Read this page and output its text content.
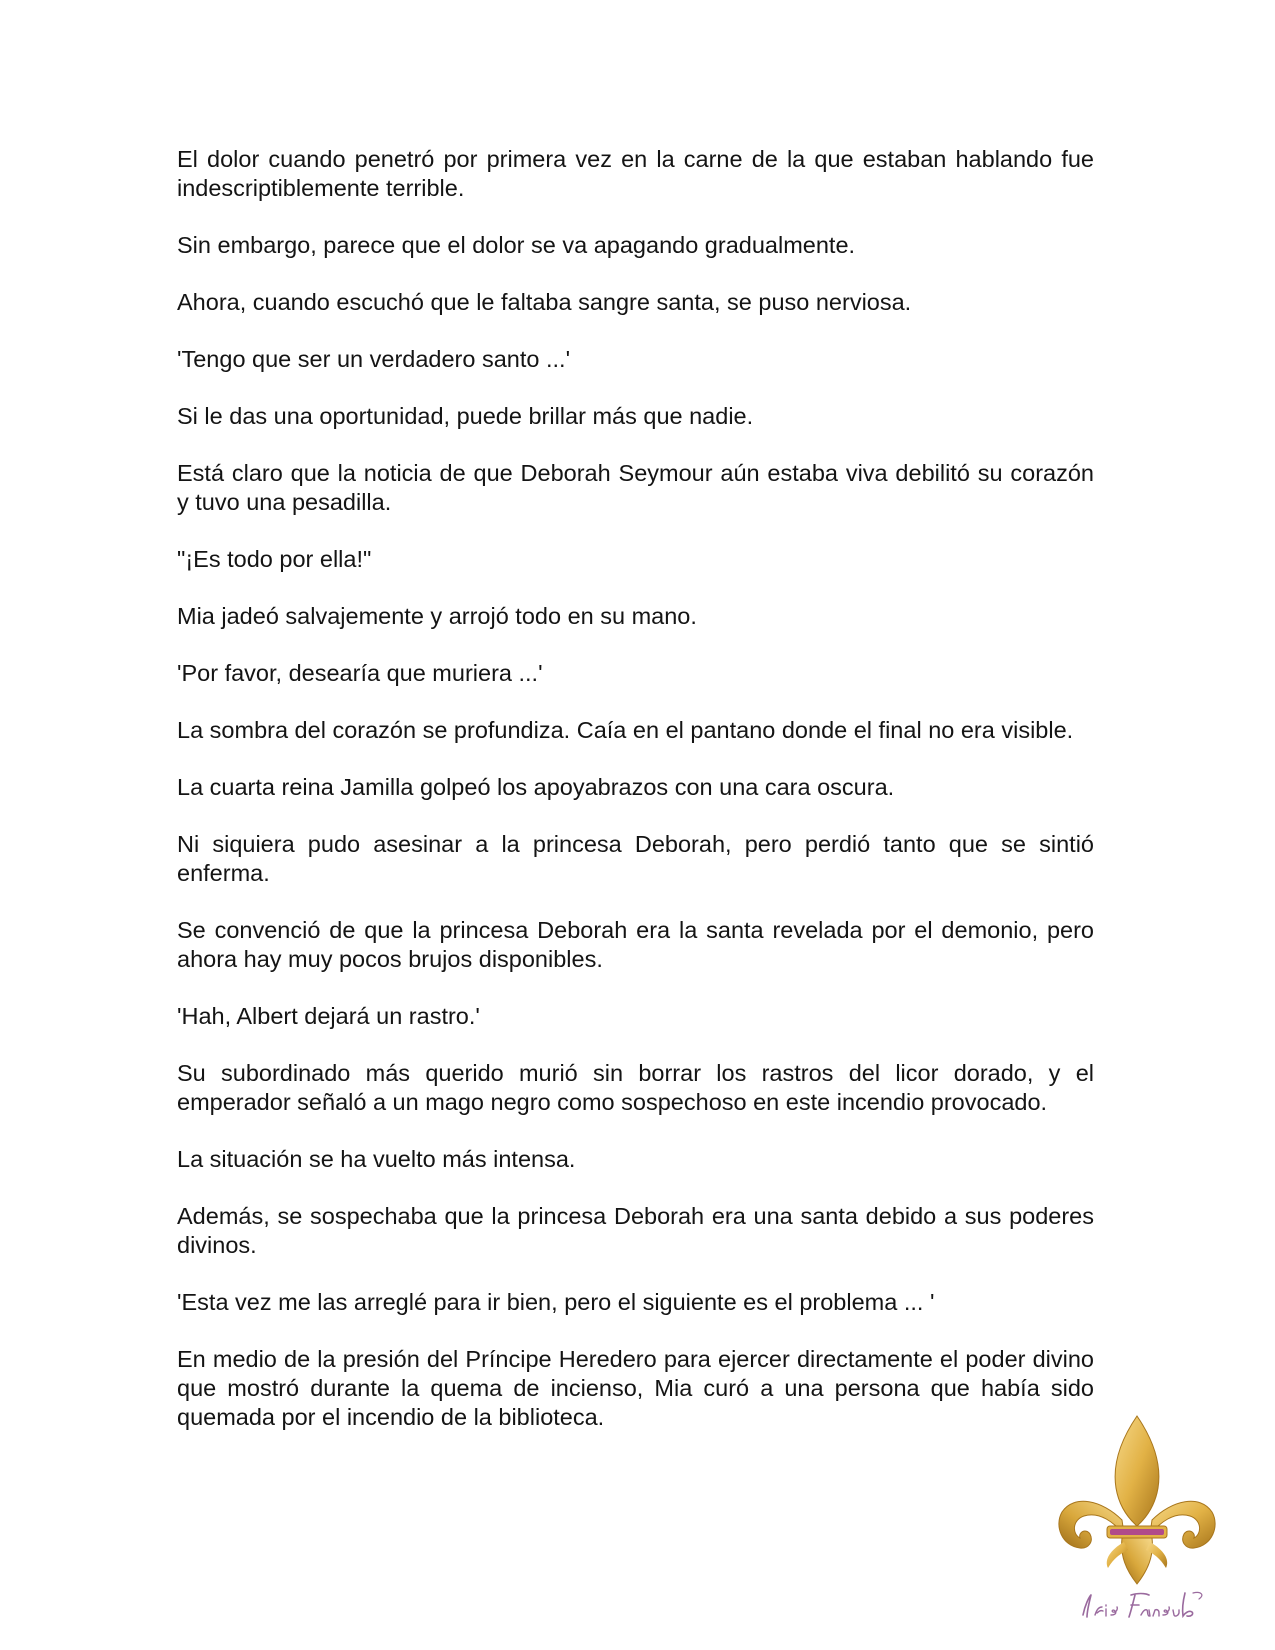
El dolor cuando penetró por primera vez en la carne de la que estaban hablando fue indescriptiblemente terrible.

Sin embargo, parece que el dolor se va apagando gradualmente.

Ahora, cuando escuchó que le faltaba sangre santa, se puso nerviosa.

'Tengo que ser un verdadero santo ...'

Si le das una oportunidad, puede brillar más que nadie.

Está claro que la noticia de que Deborah Seymour aún estaba viva debilitó su corazón y tuvo una pesadilla.

"¡Es todo por ella!"

Mia jadeó salvajemente y arrojó todo en su mano.

'Por favor, desearía que muriera ...'

La sombra del corazón se profundiza. Caía en el pantano donde el final no era visible.

La cuarta reina Jamilla golpeó los apoyabrazos con una cara oscura.

Ni siquiera pudo asesinar a la princesa Deborah, pero perdió tanto que se sintió enferma.

Se convenció de que la princesa Deborah era la santa revelada por el demonio, pero ahora hay muy pocos brujos disponibles.

'Hah, Albert dejará un rastro.'

Su subordinado más querido murió sin borrar los rastros del licor dorado, y el emperador señaló a un mago negro como sospechoso en este incendio provocado.

La situación se ha vuelto más intensa.

Además, se sospechaba que la princesa Deborah era una santa debido a sus poderes divinos.

'Esta vez me las arreglé para ir bien, pero el siguiente es el problema ... '

En medio de la presión del Príncipe Heredero para ejercer directamente el poder divino que mostró durante la quema de incienso, Mia curó a una persona que había sido quemada por el incendio de la biblioteca.
